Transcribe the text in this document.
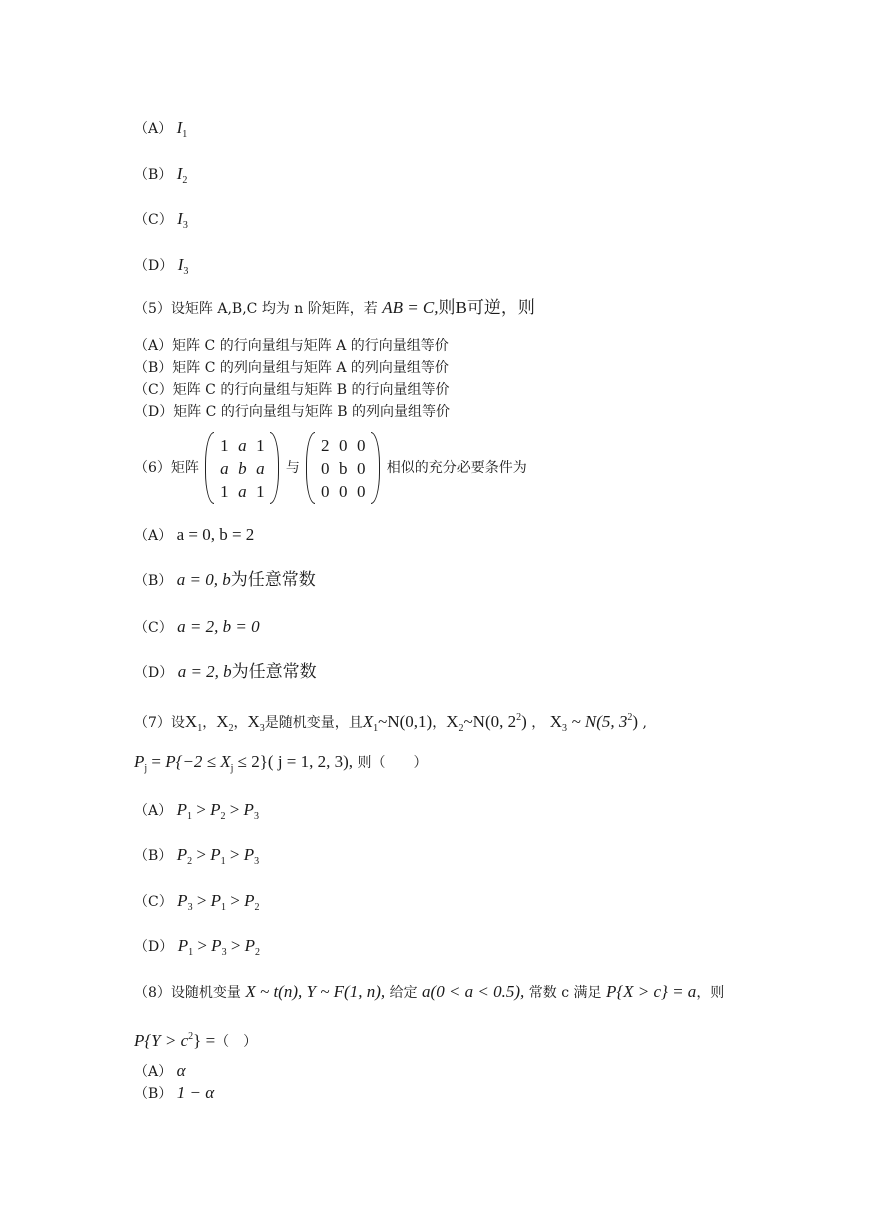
（A） $I_1$
（B） $I_2$
（C） $I_3$
（D） $I_3$
（5）设矩阵 A,B,C 均为 n 阶矩阵，若 AB = C,则B可逆，则
（A）矩阵 C 的行向量组与矩阵 A 的行向量组等价
（B）矩阵 C 的列向量组与矩阵 A 的列向量组等价
（C）矩阵 C 的行向量组与矩阵 B 的行向量组等价
（D）矩阵 C 的行向量组与矩阵 B 的列向量组等价
（6）矩阵
1 a 1
a b a
1 a 1
与
2 0 0
0 b 0
0 0 0
相似的充分必要条件为
（A） a = 0, b = 2
（B） a = 0, b为任意常数
（C） a = 2, b = 0
（D） a = 2, b为任意常数
（7）设$X_1$，$X_2$，$X_3$是随机变量，且$X_1\sim N(0,1)$，$X_2\sim N(0$, $2^2$) ， $X_3$ ~ N(5, $3^2$) ,
$P_j = P\{-2 \le X_j \le 2\}$( j = 1, 2, 3), 则（　　）
（A） $P_1 > P_2 > P_3$
（B） $P_2 > P_1 > P_3$
（C） $P_3 > P_1 > P_2$
（D） $P_1 > P_3 > P_2$
（8）设随机变量 X ~ t(n), Y ~ F(1, n), 给定 a(0 < a < 0.5), 常数 c 满足 P{X > c} = a，则
$P\{Y > c^2\}$ =（　）
（A） α
（B） 1 − α
